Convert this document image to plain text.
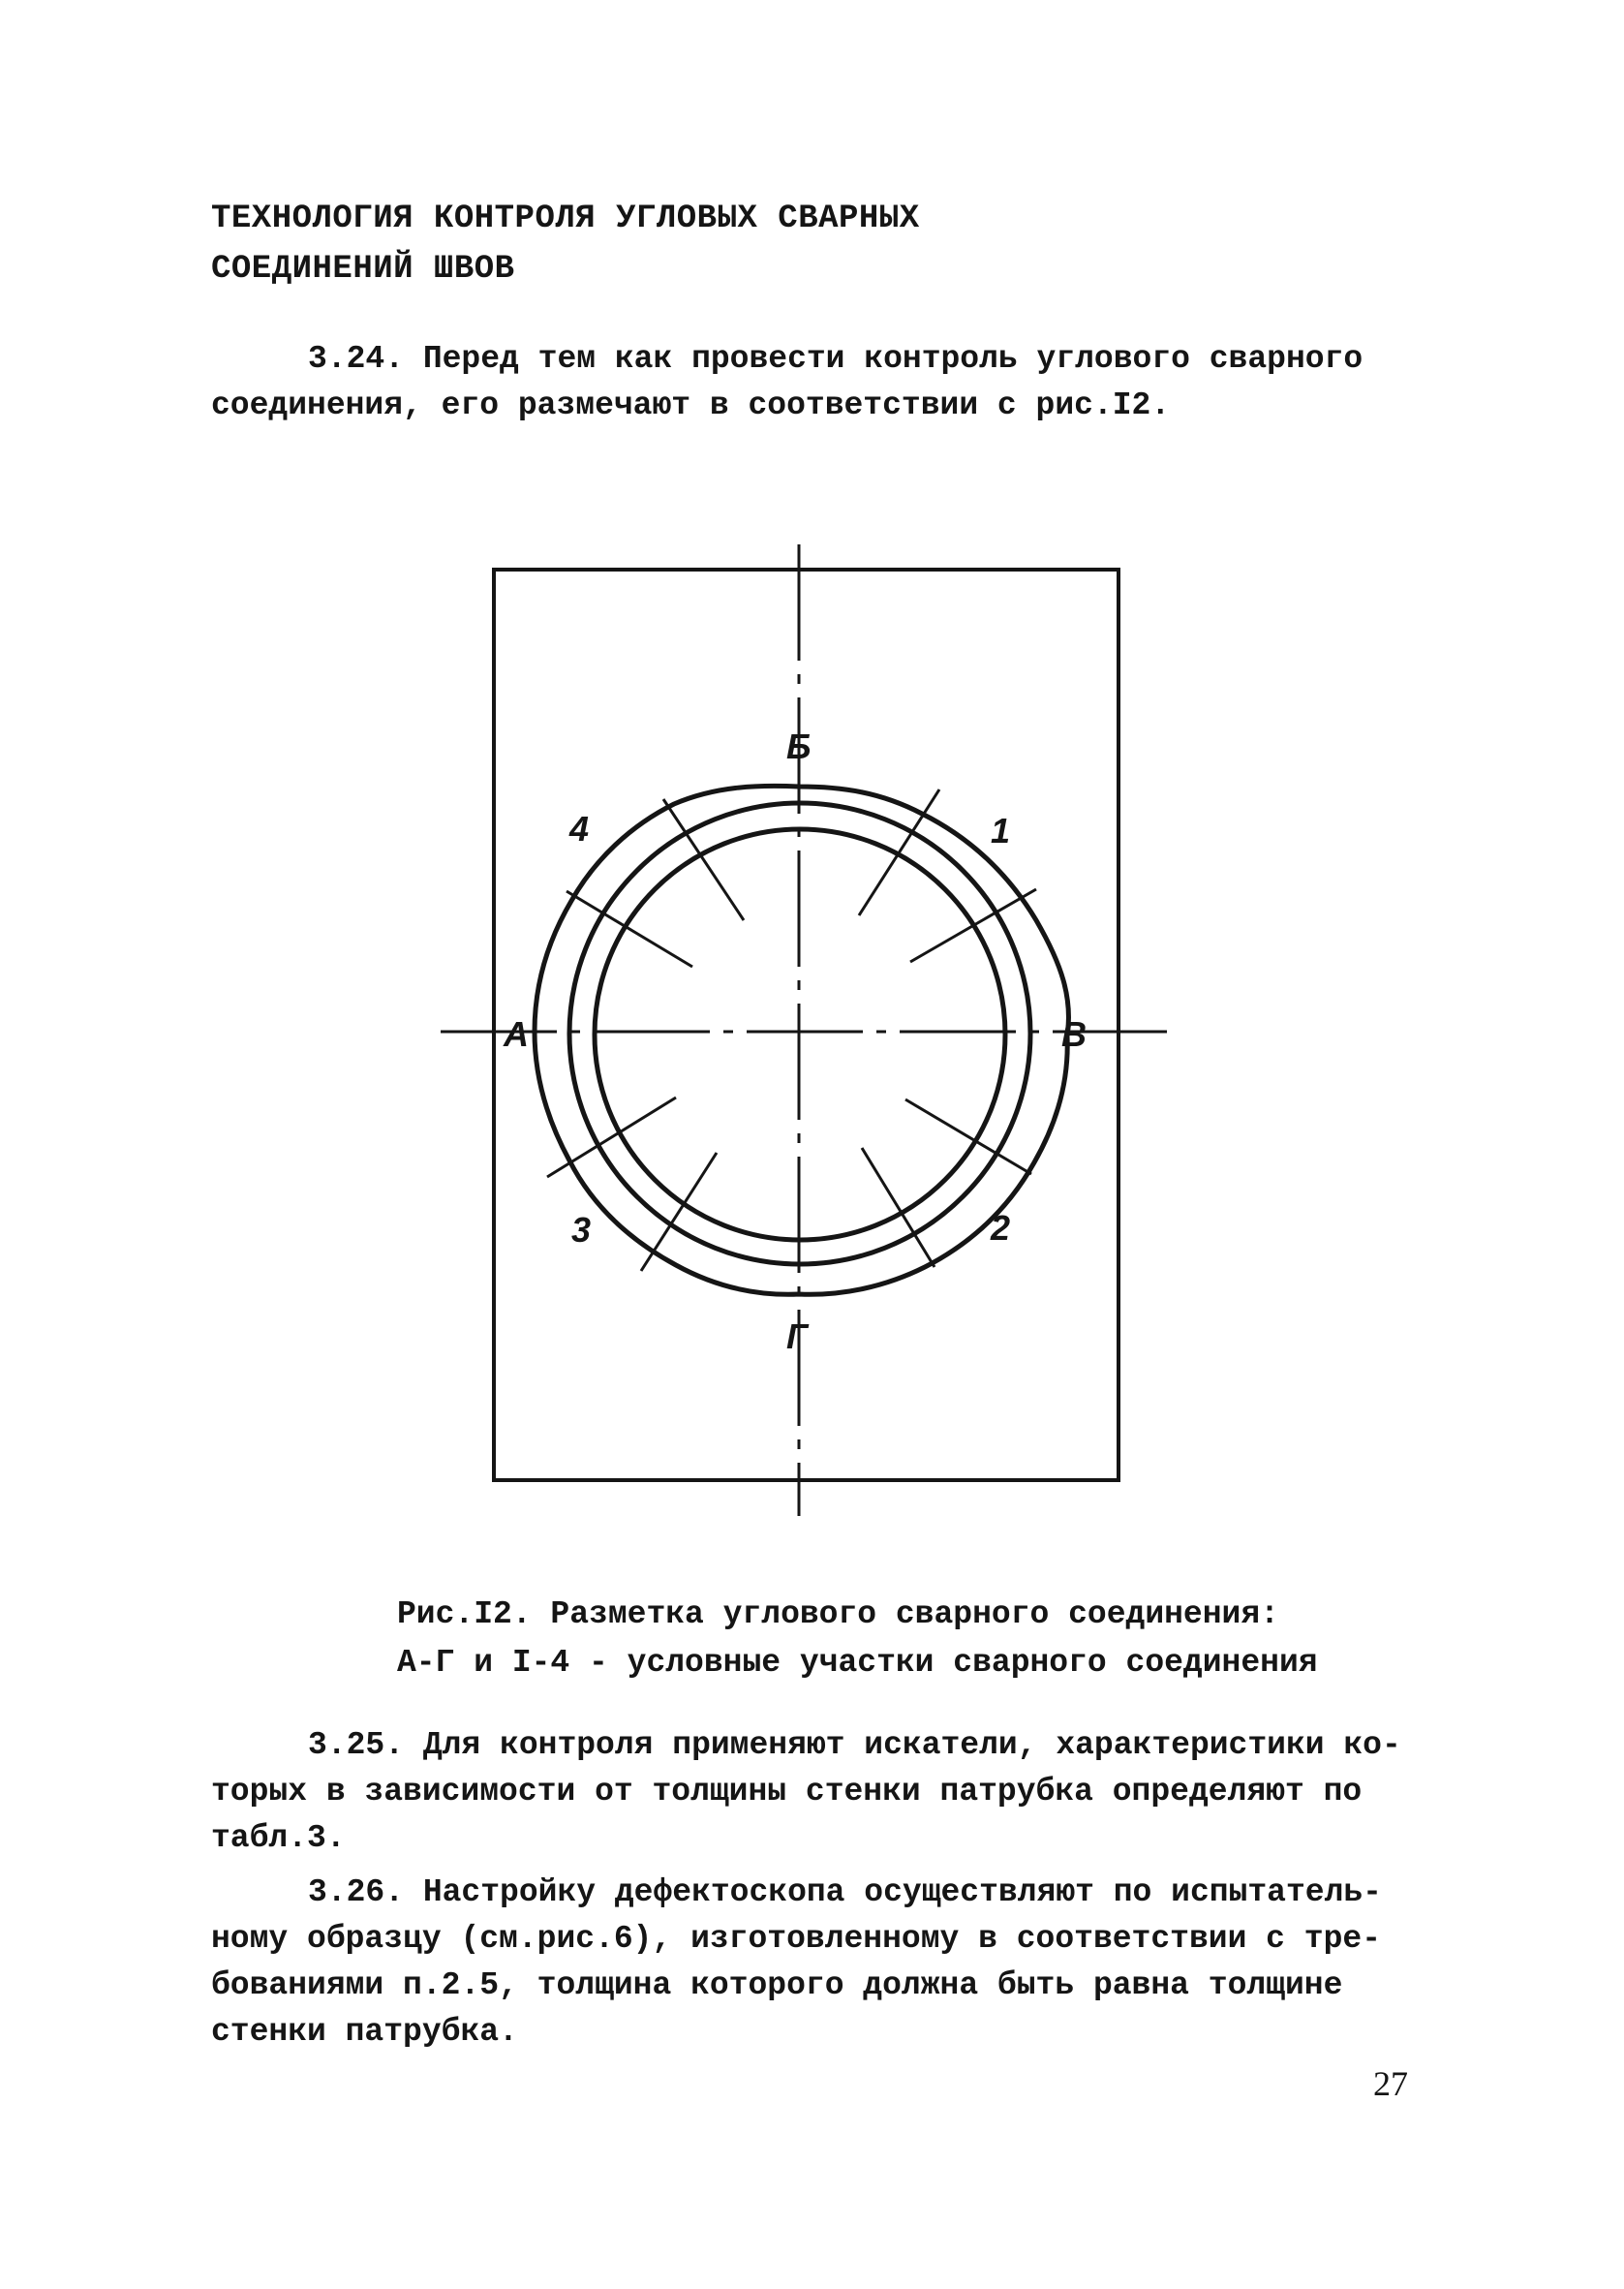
ТЕХНОЛОГИЯ КОНТРОЛЯ УГЛОВЫХ СВАРНЫХ
СОЕДИНЕНИЙ ШВОВ
3.24. Перед тем как провести контроль углового сварного
соединения, его размечают в соответствии с рис.I2.
Б
Г
А	В
1
2
3
4
Рис.I2. Разметка углового сварного соединения:
А-Г и I-4 - условные участки сварного соединения
3.25. Для контроля применяют искатели, характеристики ко-
торых в зависимости от толщины стенки патрубка определяют по
табл.3.
3.26. Настройку дефектоскопа осуществляют по испытатель-
ному образцу (см.рис.6), изготовленному в соответствии с тре-
бованиями п.2.5, толщина которого должна быть равна толщине
стенки патрубка.
27
